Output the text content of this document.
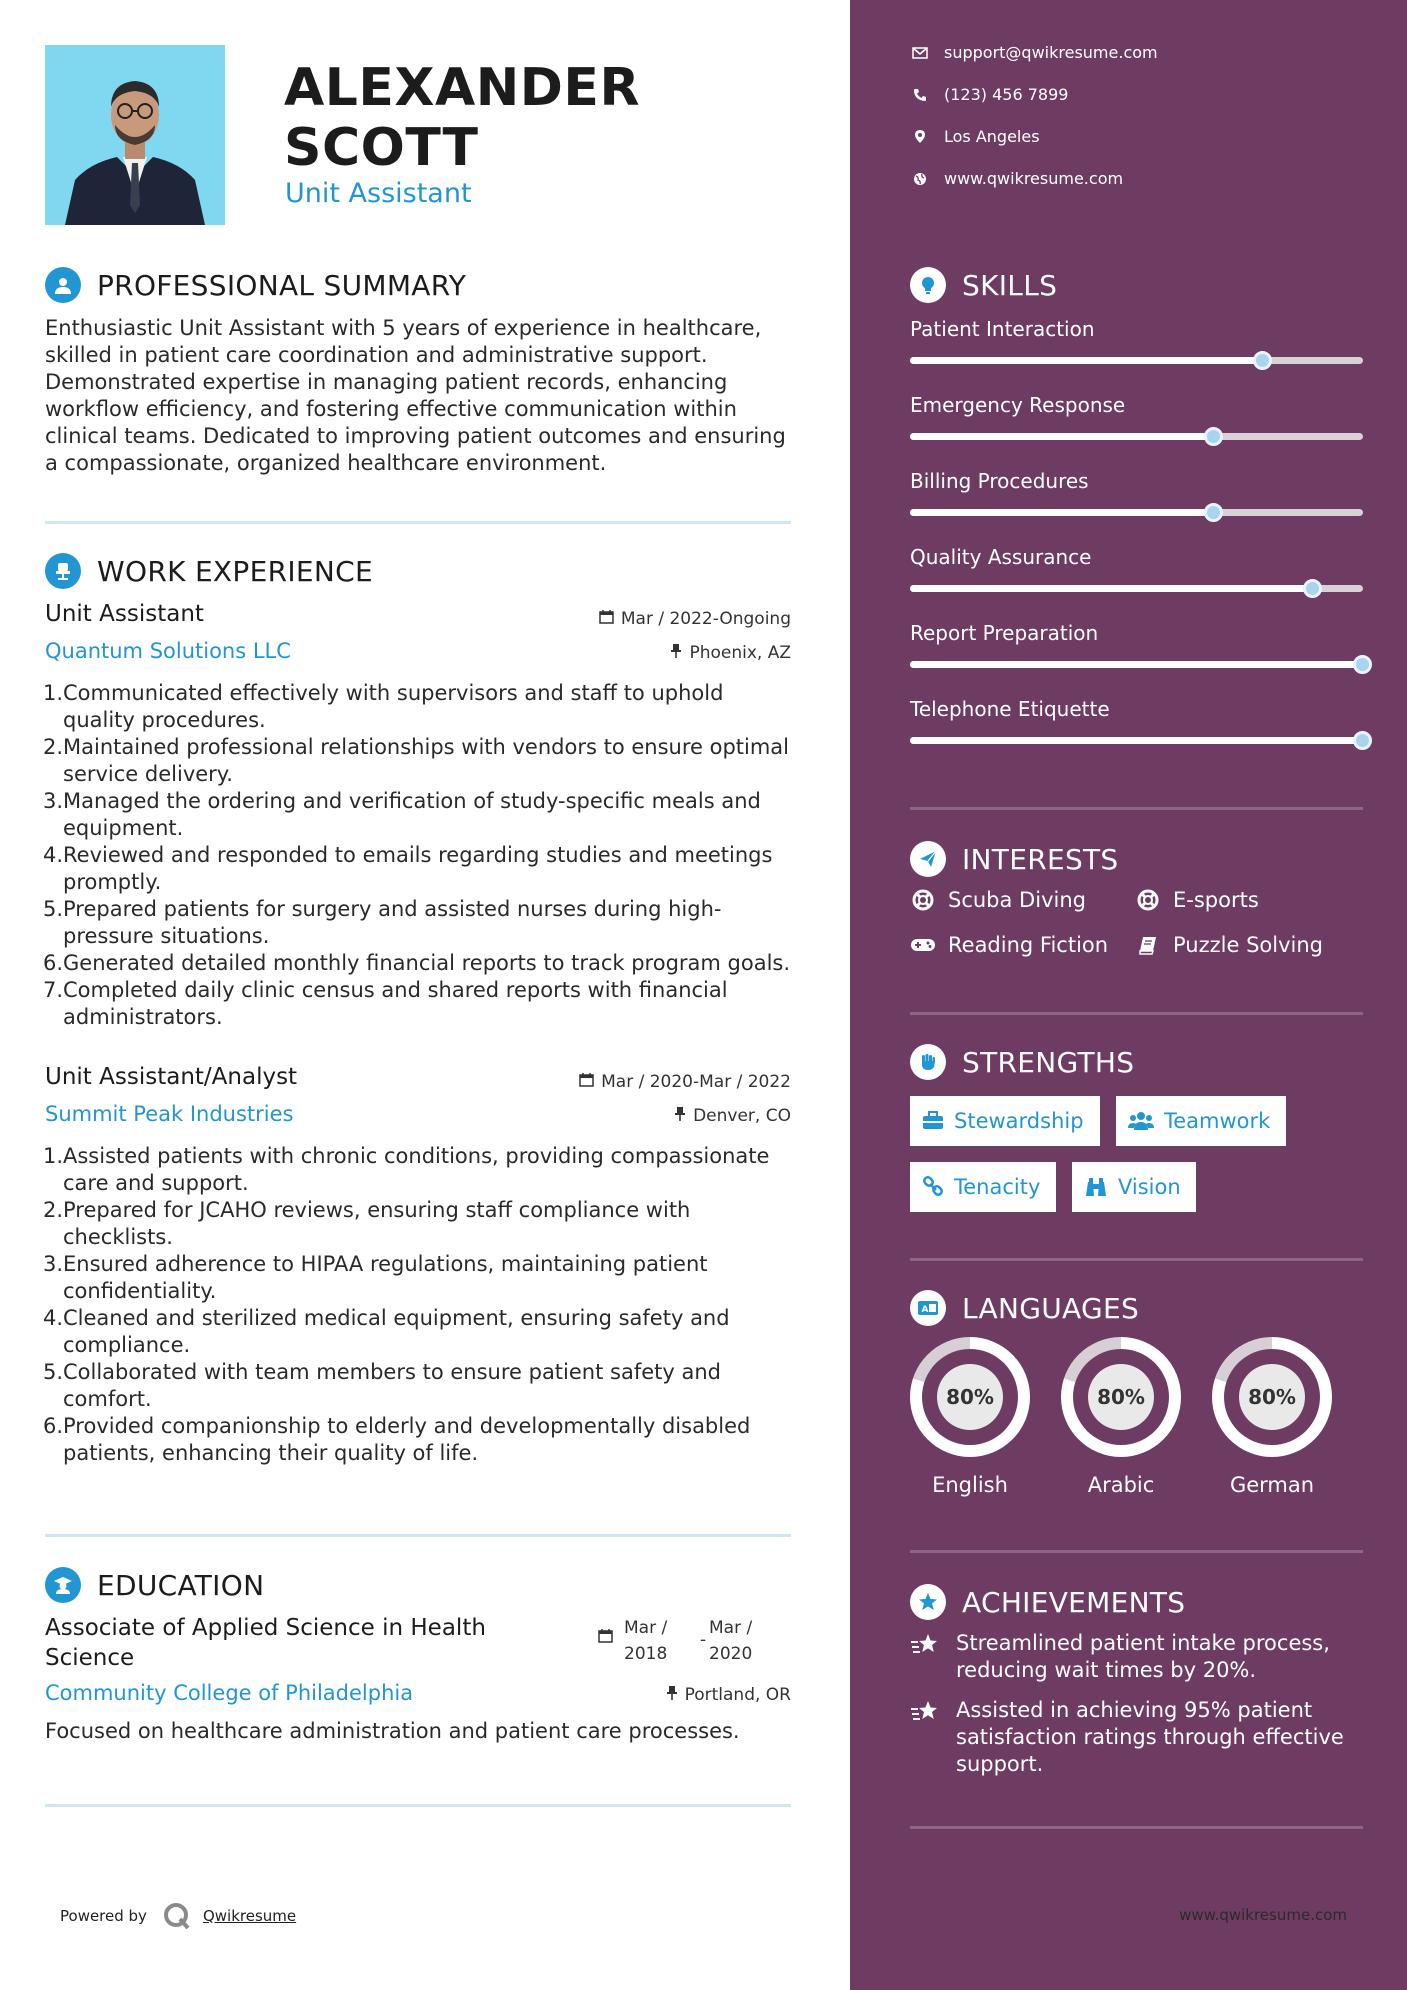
ALEXANDER
SCOTT
Unit Assistant
PROFESSIONAL SUMMARY
Enthusiastic Unit Assistant with 5 years of experience in healthcare,
skilled in patient care coordination and administrative support.
Demonstrated expertise in managing patient records, enhancing
workflow efficiency, and fostering effective communication within
clinical teams. Dedicated to improving patient outcomes and ensuring
a compassionate, organized healthcare environment.
WORK EXPERIENCE
Unit Assistant	Mar / 2022-Ongoing
Quantum Solutions LLC	Phoenix, AZ
1. Communicated effectively with supervisors and staff to uphold
quality procedures.
2. Maintained professional relationships with vendors to ensure optimal
service delivery.
3. Managed the ordering and verification of study-specific meals and
equipment.
4. Reviewed and responded to emails regarding studies and meetings
promptly.
5. Prepared patients for surgery and assisted nurses during high-
pressure situations.
6. Generated detailed monthly financial reports to track program goals.
7. Completed daily clinic census and shared reports with financial
administrators.
Unit Assistant/Analyst	Mar / 2020-Mar / 2022
Summit Peak Industries	Denver, CO
1. Assisted patients with chronic conditions, providing compassionate
care and support.
2. Prepared for JCAHO reviews, ensuring staff compliance with
checklists.
3. Ensured adherence to HIPAA regulations, maintaining patient
confidentiality.
4. Cleaned and sterilized medical equipment, ensuring safety and
compliance.
5. Collaborated with team members to ensure patient safety and
comfort.
6. Provided companionship to elderly and developmentally disabled
patients, enhancing their quality of life.
EDUCATION
Associate of Applied Science in Health
Science
Mar /
2018
-
Mar /
2020
Community College of Philadelphia	Portland, OR
Focused on healthcare administration and patient care processes.
Powered by	Qwikresume
support@qwikresume.com
(123) 456 7899
Los Angeles
www.qwikresume.com
SKILLS
Patient Interaction
Emergency Response
Billing Procedures
Quality Assurance
Report Preparation
Telephone Etiquette
INTERESTS
Scuba Diving	E-sports
Reading Fiction	Puzzle Solving
STRENGTHS
Stewardship	Teamwork
Tenacity	Vision
A LANGUAGES
80%
English
80%
Arabic
80%
German
ACHIEVEMENTS
Streamlined patient intake process,
reducing wait times by 20%.
Assisted in achieving 95% patient
satisfaction ratings through effective
support.
www.qwikresume.com
